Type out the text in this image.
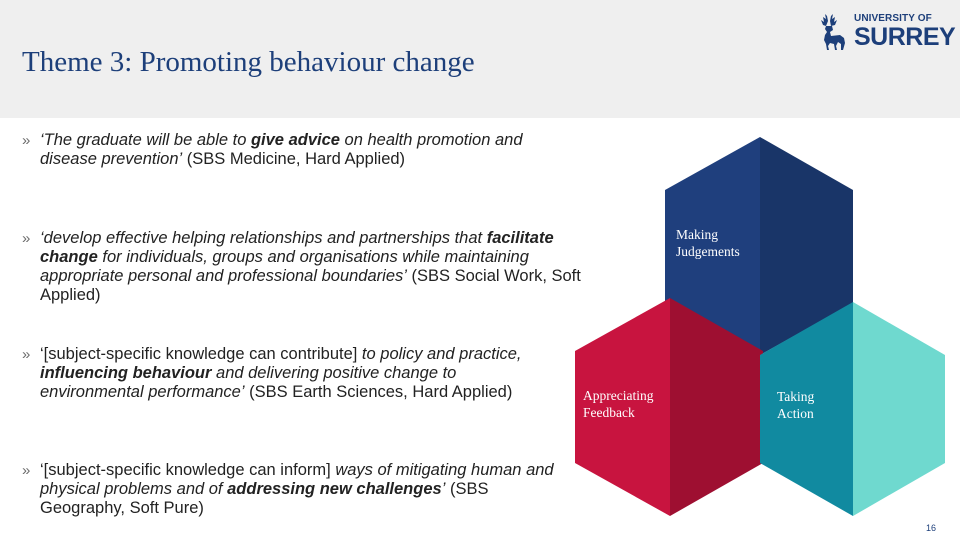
Theme 3: Promoting behaviour change
UNIVERSITY OF
SURREY
» ‘The graduate will be able to give advice on health promotion and disease prevention’ (SBS Medicine, Hard Applied)
» ‘develop effective helping relationships and partnerships that facilitate change for individuals, groups and organisations while maintaining appropriate personal and professional boundaries’ (SBS Social Work, Soft Applied)
» ‘[subject-specific knowledge can contribute] to policy and practice, influencing behaviour and delivering positive change to environmental performance’ (SBS Earth Sciences, Hard Applied)
» ‘[subject-specific knowledge can inform] ways of mitigating human and physical problems and of addressing new challenges’ (SBS Geography, Soft Pure)
Making
Judgements
Appreciating
Feedback
Taking
Action
16
